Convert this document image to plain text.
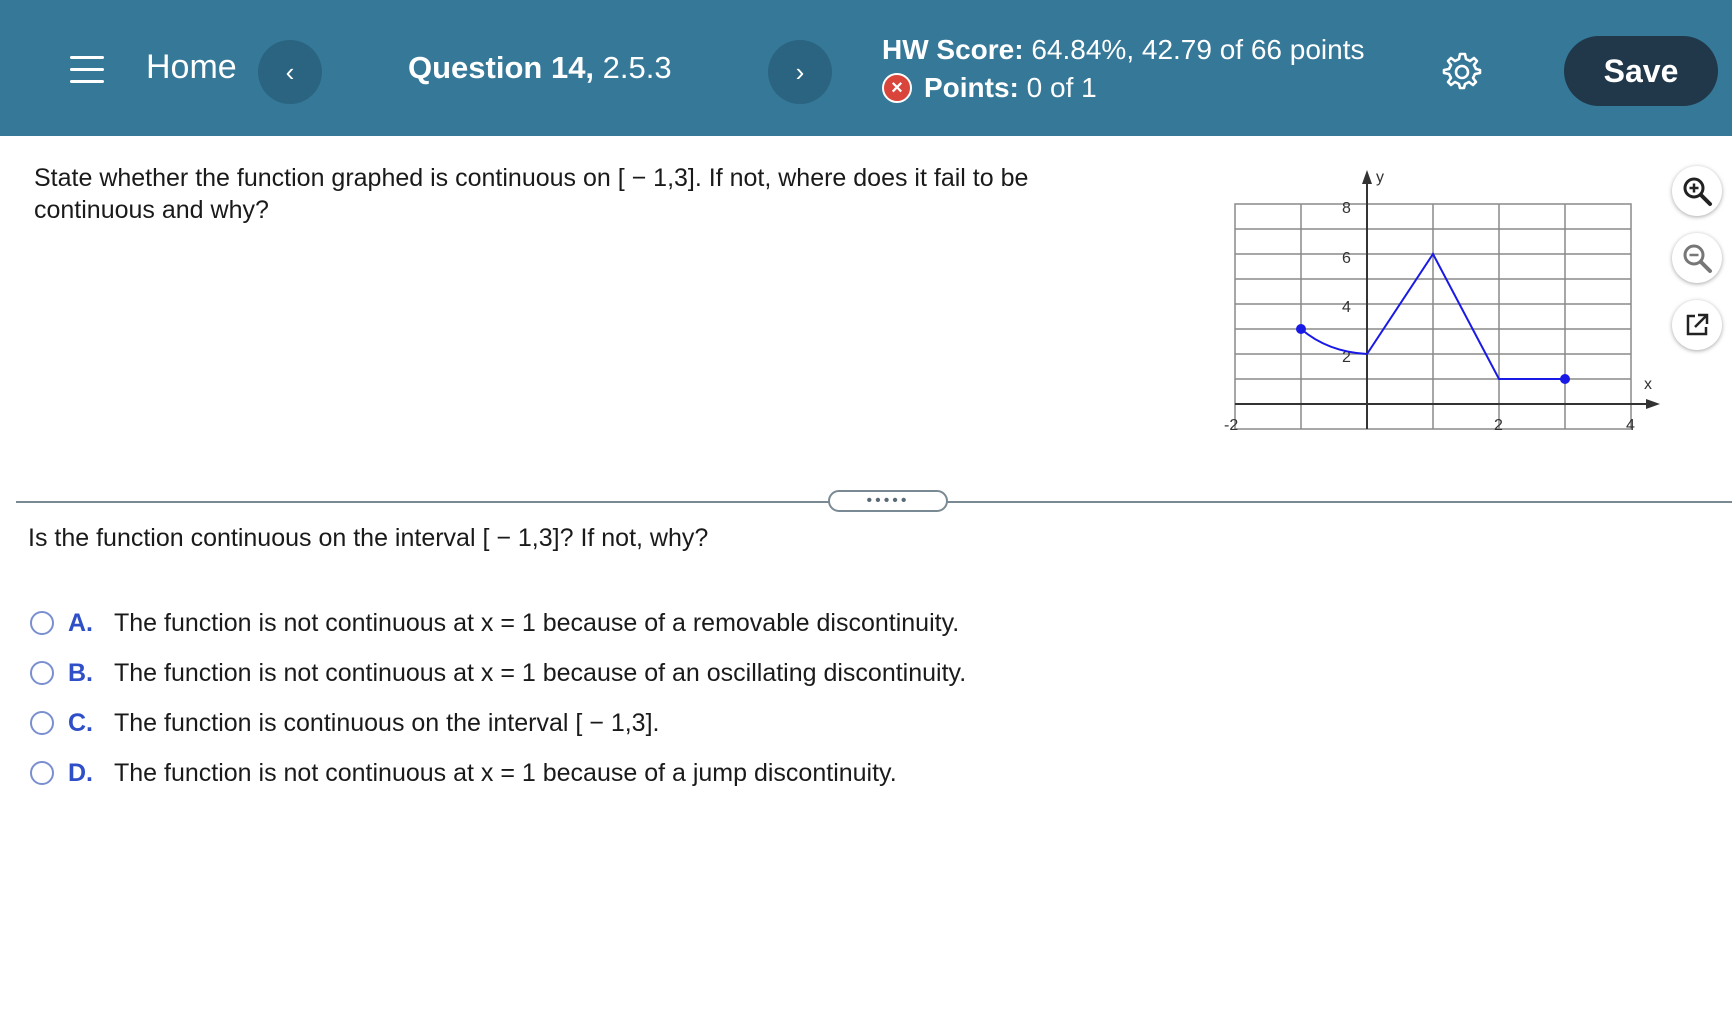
Home	‹	Question 14, 2.5.3	›
HW Score: 64.84%, 42.79 of 66 points
× Points: 0 of 1	Save
State whether the function graphed is continuous on [ − 1,3]. If not, where does it fail to be
continuous and why?
x
y
-2	2	4
2
4
6
8
•••••
Is the function continuous on the interval [ − 1,3]? If not, why?
A. The function is not continuous at x = 1 because of a removable discontinuity.
B. The function is not continuous at x = 1 because of an oscillating discontinuity.
C. The function is continuous on the interval [ − 1,3].
D. The function is not continuous at x = 1 because of a jump discontinuity.
